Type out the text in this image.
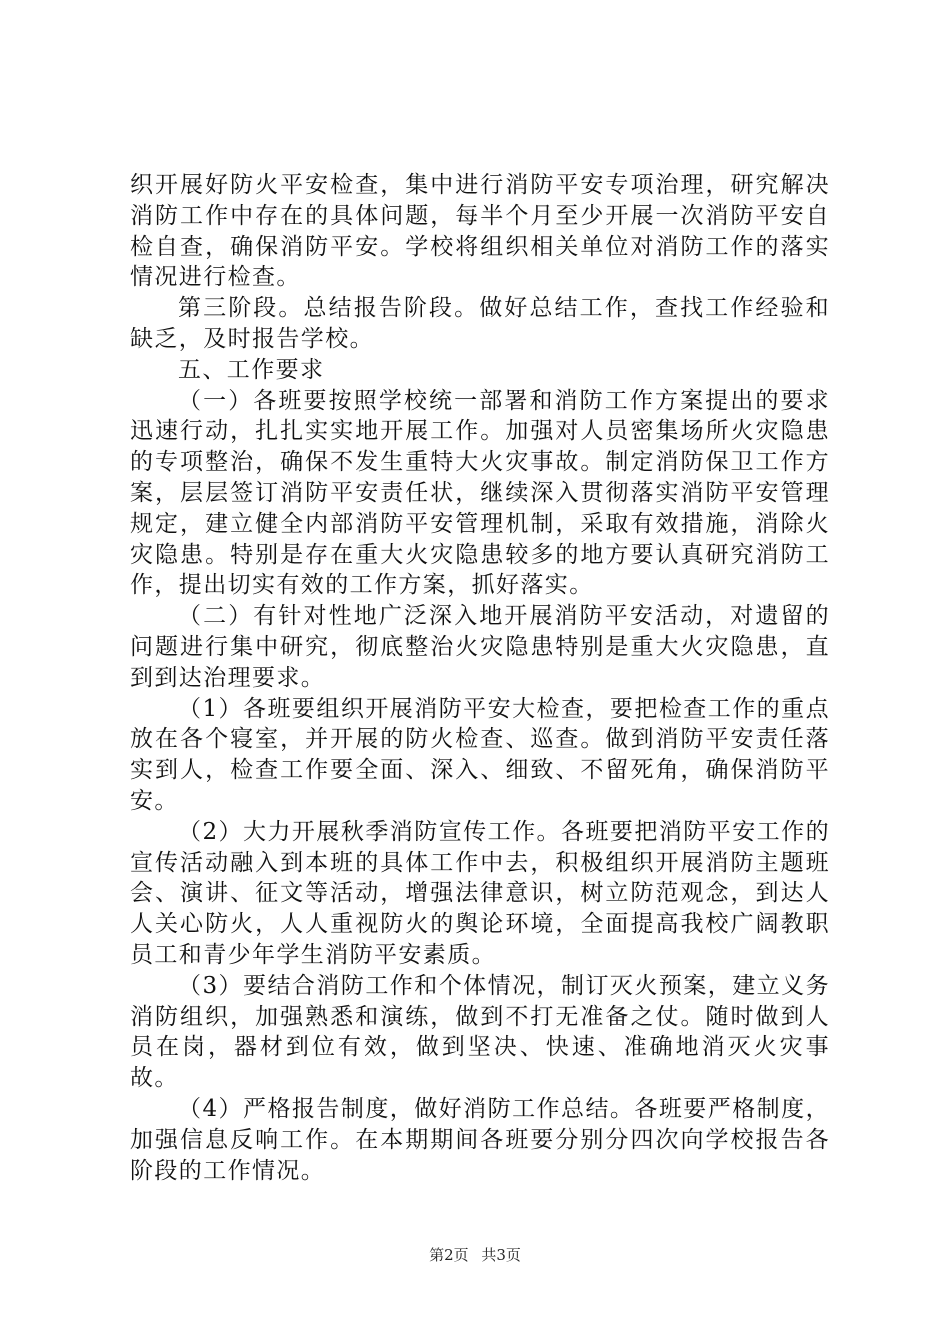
织开展好防火平安检查，集中进行消防平安专项治理，研究解决消防工作中存在的具体问题，每半个月至少开展一次消防平安自检自查，确保消防平安。学校将组织相关单位对消防工作的落实情况进行检查。

第三阶段。总结报告阶段。做好总结工作，查找工作经验和缺乏，及时报告学校。

五、工作要求

（一）各班要按照学校统一部署和消防工作方案提出的要求迅速行动，扎扎实实地开展工作。加强对人员密集场所火灾隐患的专项整治，确保不发生重特大火灾事故。制定消防保卫工作方案，层层签订消防平安责任状，继续深入贯彻落实消防平安管理规定，建立健全内部消防平安管理机制，采取有效措施，消除火灾隐患。特别是存在重大火灾隐患较多的地方要认真研究消防工作，提出切实有效的工作方案，抓好落实。

（二）有针对性地广泛深入地开展消防平安活动，对遗留的问题进行集中研究，彻底整治火灾隐患特别是重大火灾隐患，直到到达治理要求。

（1）各班要组织开展消防平安大检查，要把检查工作的重点放在各个寝室，并开展的防火检查、巡查。做到消防平安责任落实到人，检查工作要全面、深入、细致、不留死角，确保消防平安。

（2）大力开展秋季消防宣传工作。各班要把消防平安工作的宣传活动融入到本班的具体工作中去，积极组织开展消防主题班会、演讲、征文等活动，增强法律意识，树立防范观念，到达人人关心防火，人人重视防火的舆论环境，全面提高我校广阔教职员工和青少年学生消防平安素质。

（3）要结合消防工作和个体情况，制订灭火预案，建立义务消防组织，加强熟悉和演练，做到不打无准备之仗。随时做到人员在岗，器材到位有效，做到坚决、快速、准确地消灭火灾事故。

（4）严格报告制度，做好消防工作总结。各班要严格制度，加强信息反响工作。在本期期间各班要分别分四次向学校报告各阶段的工作情况。

第2页 共3页
